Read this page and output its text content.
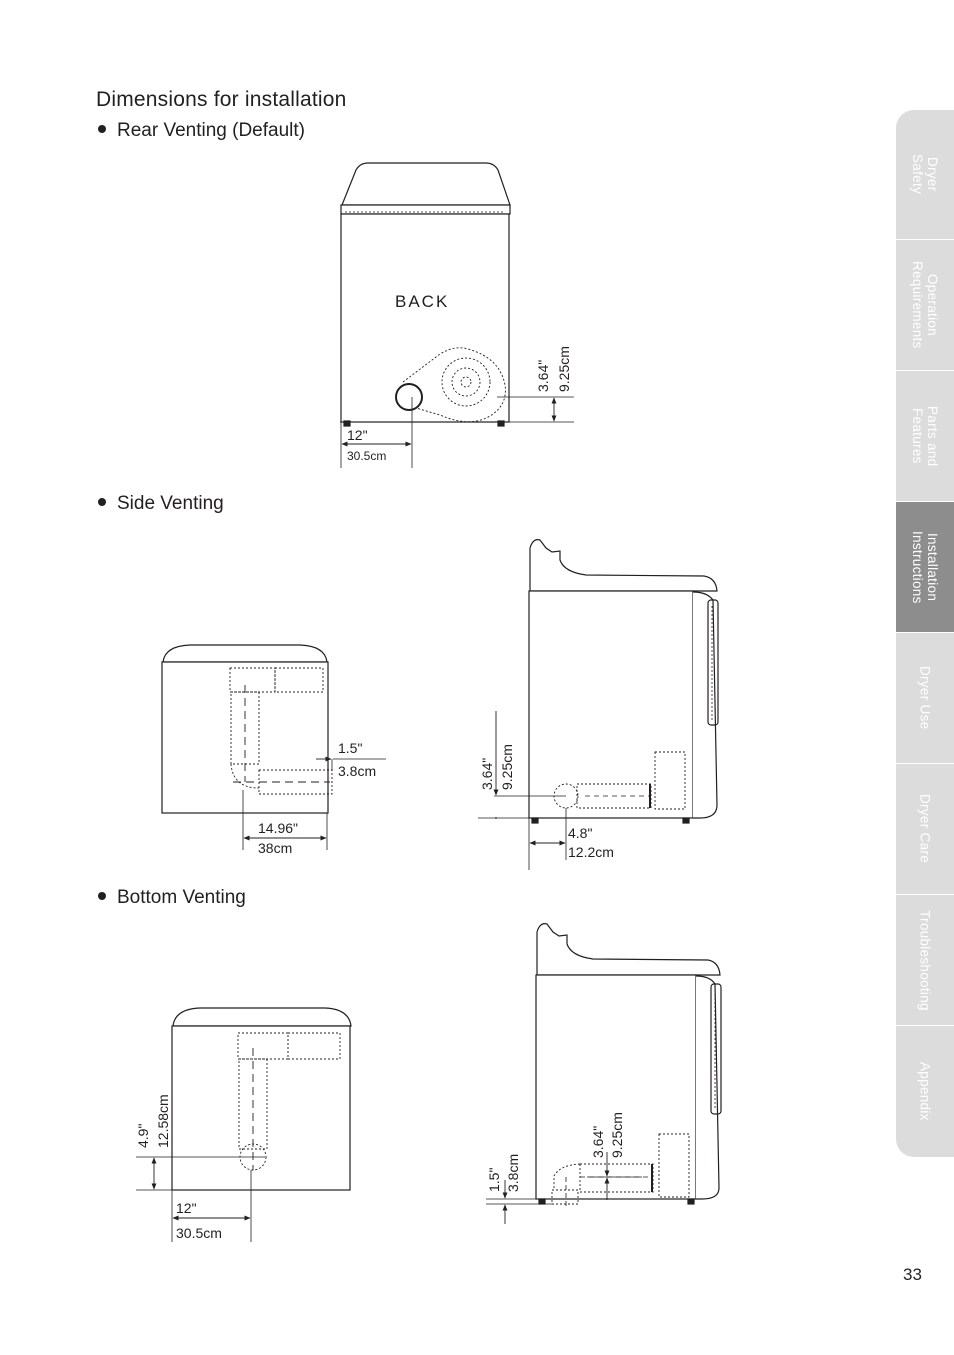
Dimensions for installation
Rear Venting (Default)
Side Venting
Bottom Venting
BACK
3.64" 9.25cm
12"
30.5cm
1.5"
3.8cm
14.96"
38cm
3.64" 9.25cm
4.8"
12.2cm
4.9" 12.58cm
12"
30.5cm
1.5" 3.8cm
3.64" 9.25cm
Dryer
Safety
Operation
Requirements
Parts and
Features
Installation
Instructions
Dryer Use
Dryer Care
Troubleshooting
Appendix
33
